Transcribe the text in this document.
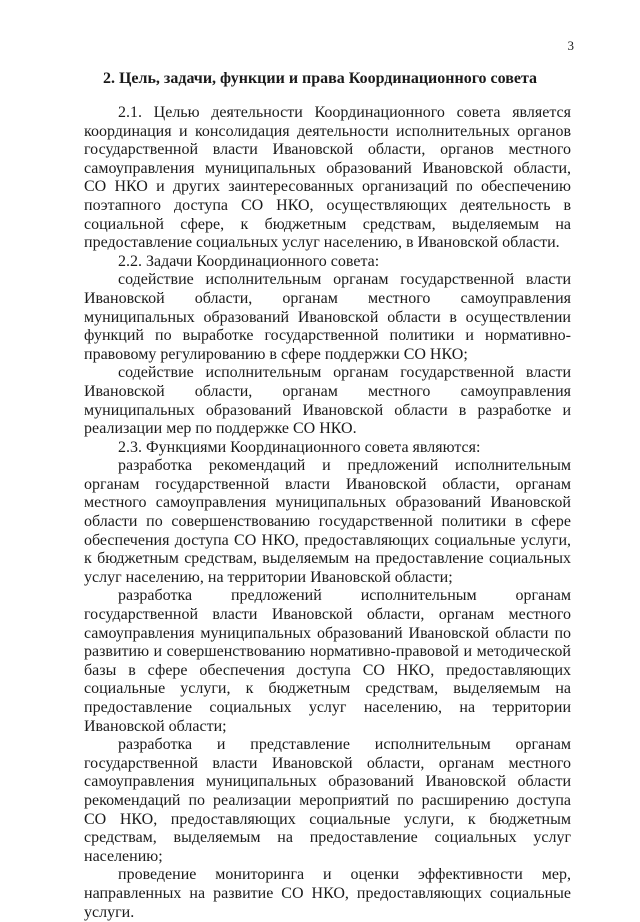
3
2. Цель, задачи, функции и права Координационного совета

2.1. Целью деятельности Координационного совета является координация и консолидация деятельности исполнительных органов государственной власти Ивановской области, органов местного самоуправления муниципальных образований Ивановской области, СО НКО и других заинтересованных организаций по обеспечению поэтапного доступа СО НКО, осуществляющих деятельность в социальной сфере, к бюджетным средствам, выделяемым на предоставление социальных услуг населению, в Ивановской области.

2.2. Задачи Координационного совета:

содействие исполнительным органам государственной власти Ивановской области, органам местного самоуправления муниципальных образований Ивановской области в осуществлении функций по выработке государственной политики и нормативно-правовому регулированию в сфере поддержки СО НКО;

содействие исполнительным органам государственной власти Ивановской области, органам местного самоуправления муниципальных образований Ивановской области в разработке и реализации мер по поддержке СО НКО.

2.3. Функциями Координационного совета являются:

разработка рекомендаций и предложений исполнительным органам государственной власти Ивановской области, органам местного самоуправления муниципальных образований Ивановской области по совершенствованию государственной политики в сфере обеспечения доступа СО НКО, предоставляющих социальные услуги, к бюджетным средствам, выделяемым на предоставление социальных услуг населению, на территории Ивановской области;

разработка предложений исполнительным органам государственной власти Ивановской области, органам местного самоуправления муниципальных образований Ивановской области по развитию и совершенствованию нормативно-правовой и методической базы в сфере обеспечения доступа СО НКО, предоставляющих социальные услуги, к бюджетным средствам, выделяемым на предоставление социальных услуг населению, на территории Ивановской области;

разработка и представление исполнительным органам государственной власти Ивановской области, органам местного самоуправления муниципальных образований Ивановской области рекомендаций по реализации мероприятий по расширению доступа СО НКО, предоставляющих социальные услуги, к бюджетным средствам, выделяемым на предоставление социальных услуг населению;

проведение мониторинга и оценки эффективности мер, направленных на развитие СО НКО, предоставляющих социальные услуги.
